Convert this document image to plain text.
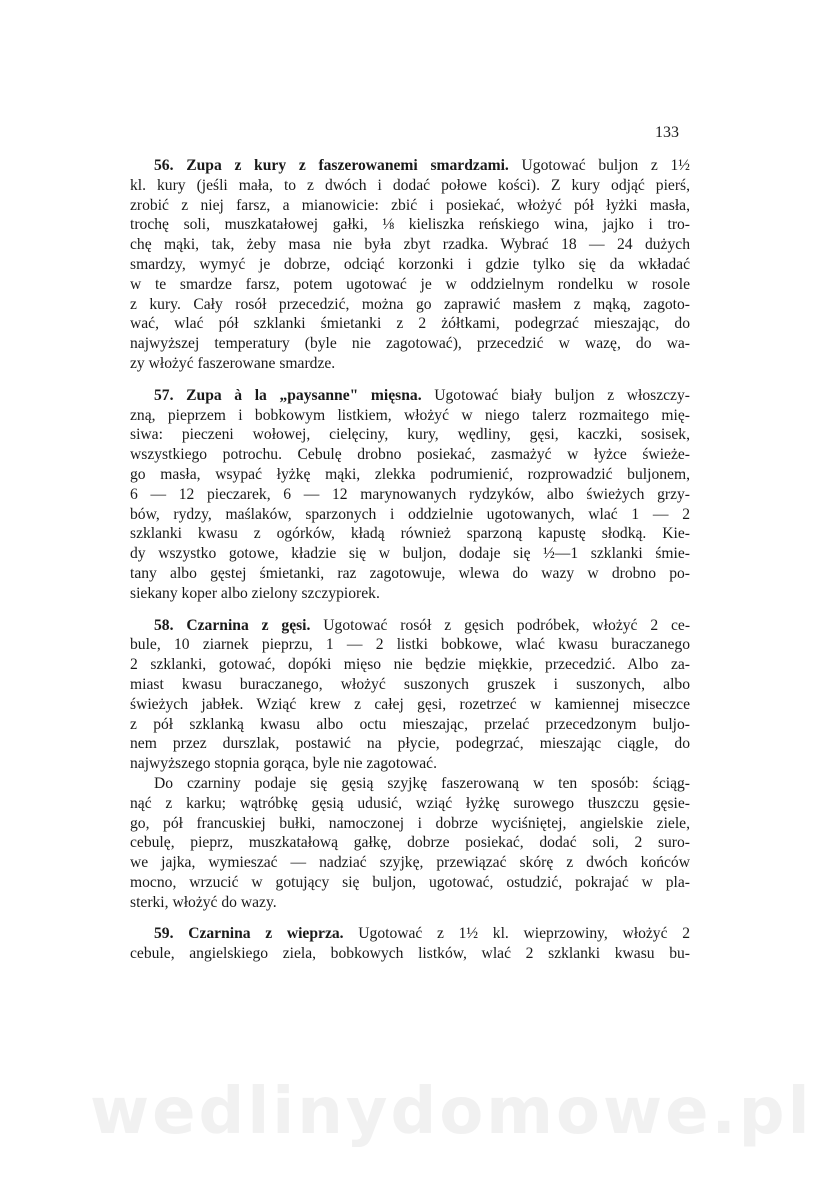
133
56. Zupa z kury z faszerowanemi smardzami. Ugotować buljon z 1½
kl. kury (jeśli mała, to z dwóch i dodać połowe kości). Z kury odjąć pierś,
zrobić z niej farsz, a mianowicie: zbić i posiekać, włożyć pół łyżki masła,
trochę soli, muszkatałowej gałki, ⅛ kieliszka reńskiego wina, jajko i tro-
chę mąki, tak, żeby masa nie była zbyt rzadka. Wybrać 18 — 24 dużych
smardzy, wymyć je dobrze, odciąć korzonki i gdzie tylko się da wkładać
w te smardze farsz, potem ugotować je w oddzielnym rondelku w rosole
z kury. Cały rosół przecedzić, można go zaprawić masłem z mąką, zagoto-
wać, wlać pół szklanki śmietanki z 2 żółtkami, podegrzać mieszając, do
najwyższej temperatury (byle nie zagotować), przecedzić w wazę, do wa-
zy włożyć faszerowane smardze.
57. Zupa à la „paysanne" mięsna. Ugotować biały buljon z włoszczy-
zną, pieprzem i bobkowym listkiem, włożyć w niego talerz rozmaitego mię-
siwa: pieczeni wołowej, cielęciny, kury, wędliny, gęsi, kaczki, sosisek,
wszystkiego potrochu. Cebulę drobno posiekać, zasmażyć w łyżce świeże-
go masła, wsypać łyżkę mąki, zlekka podrumienić, rozprowadzić buljonem,
6 — 12 pieczarek, 6 — 12 marynowanych rydzyków, albo świeżych grzy-
bów, rydzy, maślaków, sparzonych i oddzielnie ugotowanych, wlać 1 — 2
szklanki kwasu z ogórków, kładą również sparzoną kapustę słodką. Kie-
dy wszystko gotowe, kładzie się w buljon, dodaje się ½—1 szklanki śmie-
tany albo gęstej śmietanki, raz zagotowuje, wlewa do wazy w drobno po-
siekany koper albo zielony szczypiorek.
58. Czarnina z gęsi. Ugotować rosół z gęsich podróbek, włożyć 2 ce-
bule, 10 ziarnek pieprzu, 1 — 2 listki bobkowe, wlać kwasu buraczanego
2 szklanki, gotować, dopóki mięso nie będzie miękkie, przecedzić. Albo za-
miast kwasu buraczanego, włożyć suszonych gruszek i suszonych, albo
świeżych jabłek. Wziąć krew z całej gęsi, rozetrzeć w kamiennej miseczce
z pół szklanką kwasu albo octu mieszając, przelać przecedzonym buljo-
nem przez durszlak, postawić na płycie, podegrzać, mieszając ciągle, do
najwyższego stopnia gorąca, byle nie zagotować.
Do czarniny podaje się gęsią szyjkę faszerowaną w ten sposób: ściąg-
nąć z karku; wątróbkę gęsią udusić, wziąć łyżkę surowego tłuszczu gęsie-
go, pół francuskiej bułki, namoczonej i dobrze wyciśniętej, angielskie ziele,
cebulę, pieprz, muszkatałową gałkę, dobrze posiekać, dodać soli, 2 suro-
we jajka, wymieszać — nadziać szyjkę, przewiązać skórę z dwóch końców
mocno, wrzucić w gotujący się buljon, ugotować, ostudzić, pokrajać w pla-
sterki, włożyć do wazy.
59. Czarnina z wieprza. Ugotować z 1½ kl. wieprzowiny, włożyć 2
cebule, angielskiego ziela, bobkowych listków, wlać 2 szklanki kwasu bu-
wedlinydomowe.pl
